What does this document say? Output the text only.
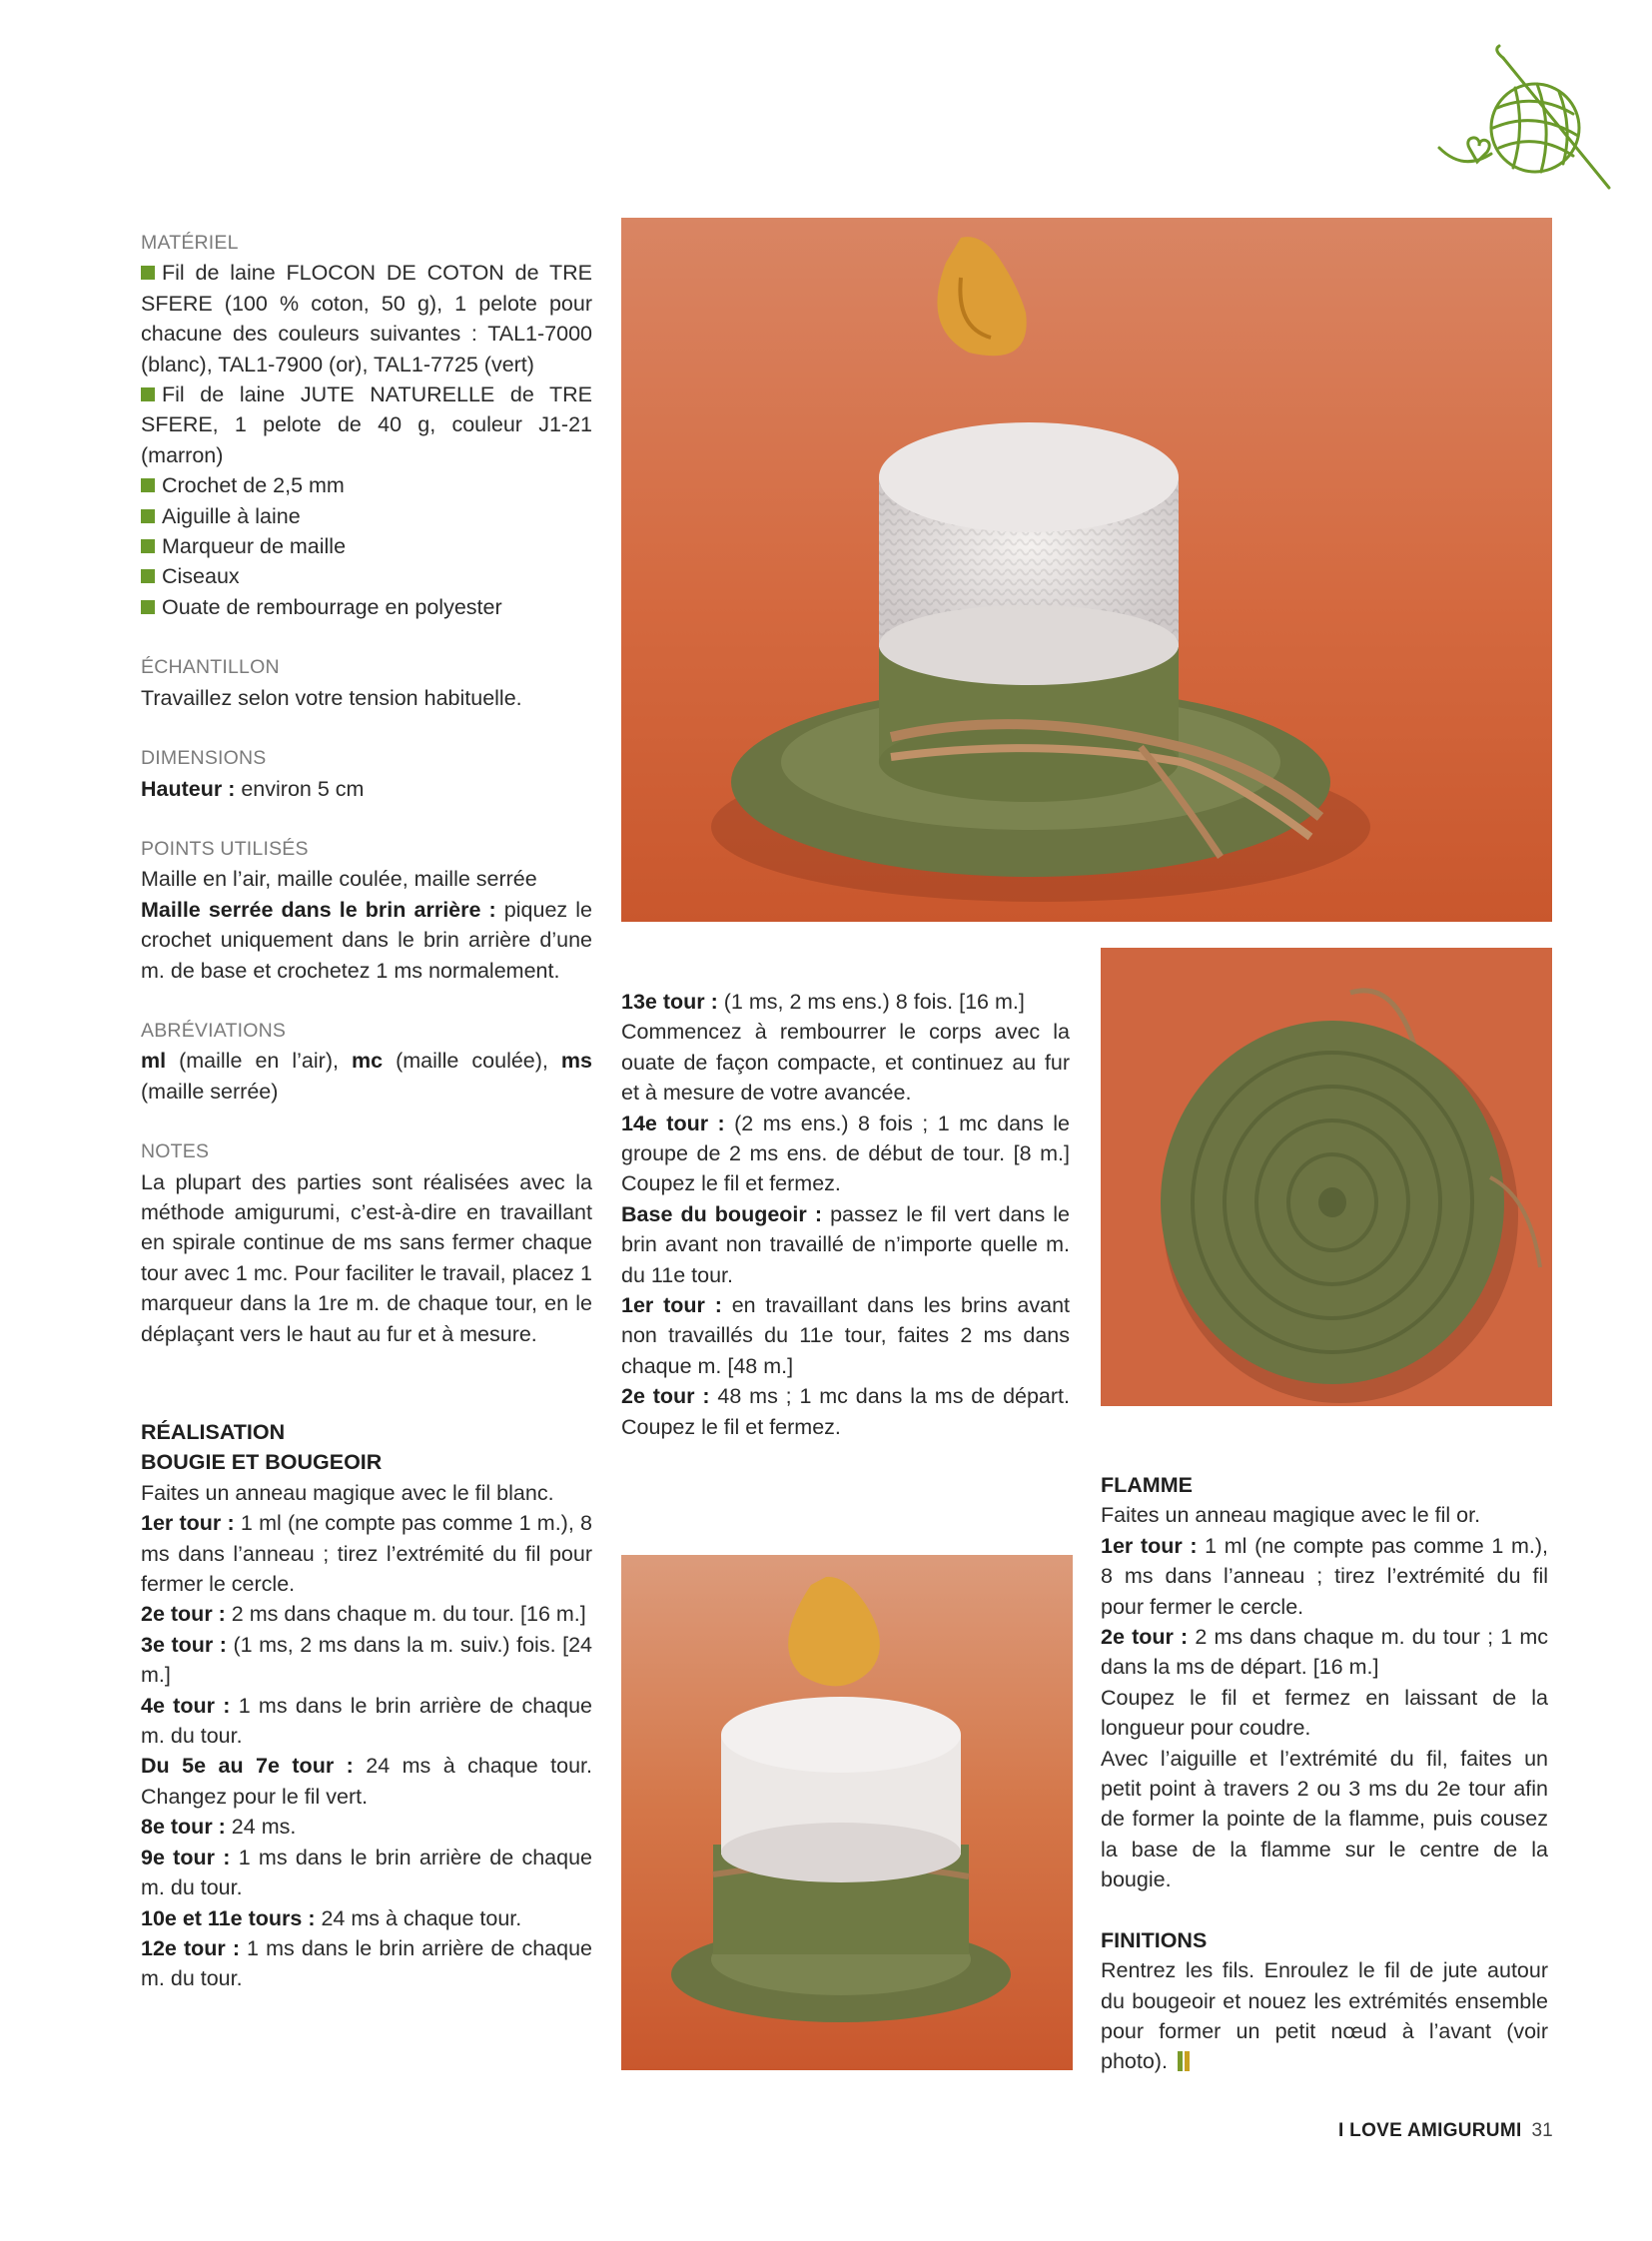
MATÉRIEL

Fil de laine FLOCON DE COTON de TRE SFERE (100 % coton, 50 g), 1 pelote pour chacune des couleurs suivantes : TAL1-7000 (blanc), TAL1-7900 (or), TAL1-7725 (vert)

Fil de laine JUTE NATURELLE de TRE SFERE, 1 pelote de 40 g, couleur J1-21 (marron)

Crochet de 2,5 mm

Aiguille à laine

Marqueur de maille

Ciseaux

Ouate de rembourrage en polyester

ÉCHANTILLON

Travaillez selon votre tension habituelle.

DIMENSIONS

Hauteur : environ 5 cm

POINTS UTILISÉS

Maille en l’air, maille coulée, maille serrée

Maille serrée dans le brin arrière : piquez le crochet uniquement dans le brin arrière d’une m. de base et crochetez 1 ms normalement.

ABRÉVIATIONS

ml (maille en l’air), mc (maille coulée), ms (maille serrée)

NOTES

La plupart des parties sont réalisées avec la méthode amigurumi, c’est-à-dire en travaillant en spirale continue de ms sans fermer chaque tour avec 1 mc. Pour faciliter le travail, placez 1 marqueur dans la 1re m. de chaque tour, en le déplaçant vers le haut au fur et à mesure.

RÉALISATION

BOUGIE ET BOUGEOIR

Faites un anneau magique avec le fil blanc.

1er tour : 1 ml (ne compte pas comme 1 m.), 8 ms dans l’anneau ; tirez l’extrémité du fil pour fermer le cercle.

2e tour : 2 ms dans chaque m. du tour. [16 m.]

3e tour : (1 ms, 2 ms dans la m. suiv.) fois. [24 m.]

4e tour : 1 ms dans le brin arrière de chaque m. du tour.

Du 5e au 7e tour : 24 ms à chaque tour. Changez pour le fil vert.

8e tour : 24 ms.

9e tour : 1 ms dans le brin arrière de chaque m. du tour.

10e et 11e tours : 24 ms à chaque tour.

12e tour : 1 ms dans le brin arrière de chaque m. du tour.

13e tour : (1 ms, 2 ms ens.) 8 fois. [16 m.]

Commencez à rembourrer le corps avec la ouate de façon compacte, et continuez au fur et à mesure de votre avancée.

14e tour : (2 ms ens.) 8 fois ; 1 mc dans le groupe de 2 ms ens. de début de tour. [8 m.] Coupez le fil et fermez.

Base du bougeoir : passez le fil vert dans le brin avant non travaillé de n’importe quelle m. du 11e tour.

1er tour : en travaillant dans les brins avant non travaillés du 11e tour, faites 2 ms dans chaque m. [48 m.]

2e tour : 48 ms ; 1 mc dans la ms de départ. Coupez le fil et fermez.

FLAMME

Faites un anneau magique avec le fil or.

1er tour : 1 ml (ne compte pas comme 1 m.), 8 ms dans l’anneau ; tirez l’extrémité du fil pour fermer le cercle.

2e tour : 2 ms dans chaque m. du tour ; 1 mc dans la ms de départ. [16 m.]

Coupez le fil et fermez en laissant de la longueur pour coudre.

Avec l’aiguille et l’extrémité du fil, faites un petit point à travers 2 ou 3 ms du 2e tour afin de former la pointe de la flamme, puis cousez la base de la flamme sur le centre de la bougie.

FINITIONS

Rentrez les fils. Enroulez le fil de jute autour du bougeoir et nouez les extrémités ensemble pour former un petit nœud à l’avant (voir photo).

I LOVE AMIGURUMI 31
